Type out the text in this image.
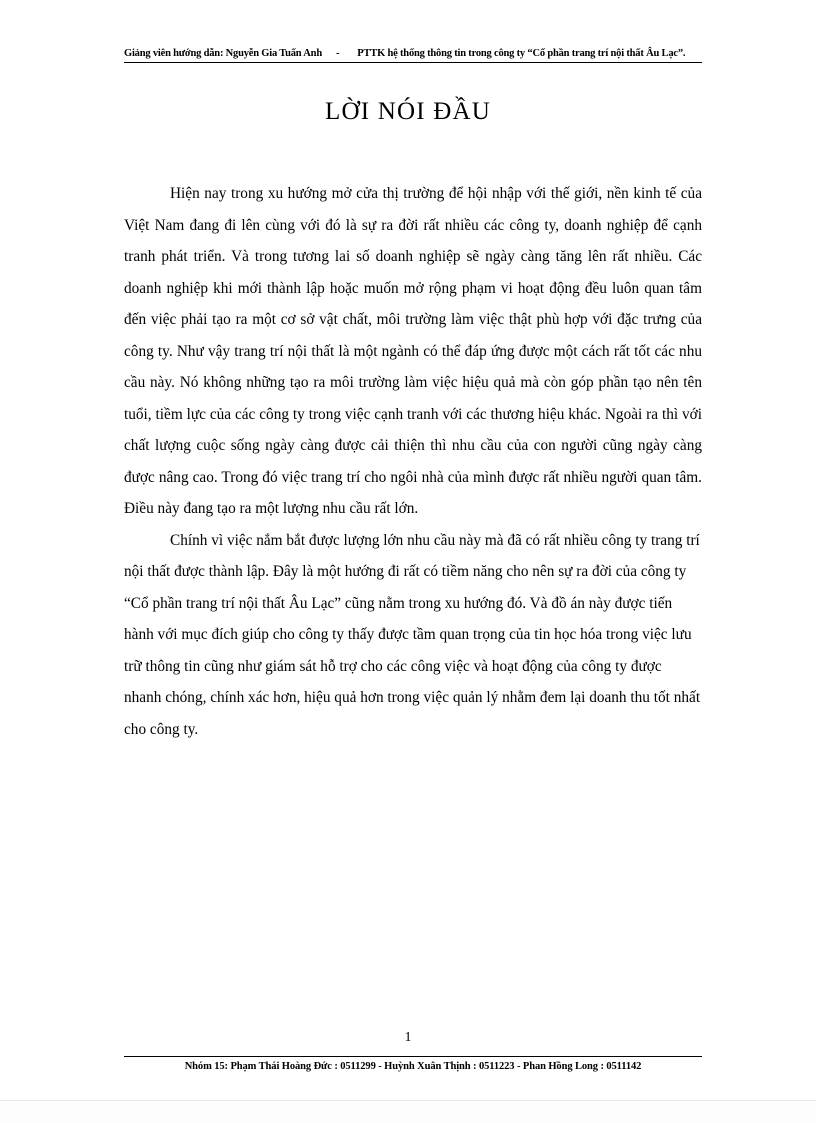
Giảng viên hướng dẫn: Nguyễn Gia Tuấn Anh	-	PTTK hệ thống thông tin trong công ty “Cổ phần trang trí nội thất Âu Lạc”.
LỜI NÓI ĐẦU

Hiện nay trong xu hướng mở cửa thị trường để hội nhập với thế giới, nền kinh tế của Việt Nam đang đi lên cùng với đó là sự ra đời rất nhiều các công ty, doanh nghiệp để cạnh tranh phát triển. Và trong tương lai số doanh nghiệp sẽ ngày càng tăng lên rất nhiều. Các doanh nghiệp khi mới thành lập hoặc muốn mở rộng phạm vi hoạt động đều luôn quan tâm đến việc phải tạo ra một cơ sở vật chất, môi trường làm việc thật phù hợp với đặc trưng của công ty. Như vậy trang trí nội thất là một ngành có thể đáp ứng được một cách rất tốt các nhu cầu này. Nó không những tạo ra môi trường làm việc hiệu quả mà còn góp phần tạo nên tên tuổi, tiềm lực của các công ty trong việc cạnh tranh với các thương hiệu khác. Ngoài ra thì với chất lượng cuộc sống ngày càng được cải thiện thì nhu cầu của con người cũng ngày càng được nâng cao. Trong đó việc trang trí cho ngôi nhà của mình được rất nhiều người quan tâm. Điều này đang tạo ra một lượng nhu cầu rất lớn.

Chính vì việc nắm bắt được lượng lớn nhu cầu này mà đã có rất nhiều công ty trang trí nội thất được thành lập. Đây là một hướng đi rất có tiềm năng cho nên sự ra đời của công ty “Cổ phần trang trí nội thất Âu Lạc” cũng nằm trong xu hướng đó. Và đồ án này được tiến hành với mục đích giúp cho công ty thấy được tầm quan trọng của tin học hóa trong việc lưu trữ thông tin cũng như giám sát hỗ trợ cho các công việc và hoạt động của công ty được nhanh chóng, chính xác hơn, hiệu quả hơn trong việc quản lý nhằm đem lại doanh thu tốt nhất cho công ty.

1
Nhóm 15: Phạm Thái Hoàng Đức : 0511299 - Huỳnh Xuân Thịnh : 0511223 - Phan Hồng Long : 0511142
